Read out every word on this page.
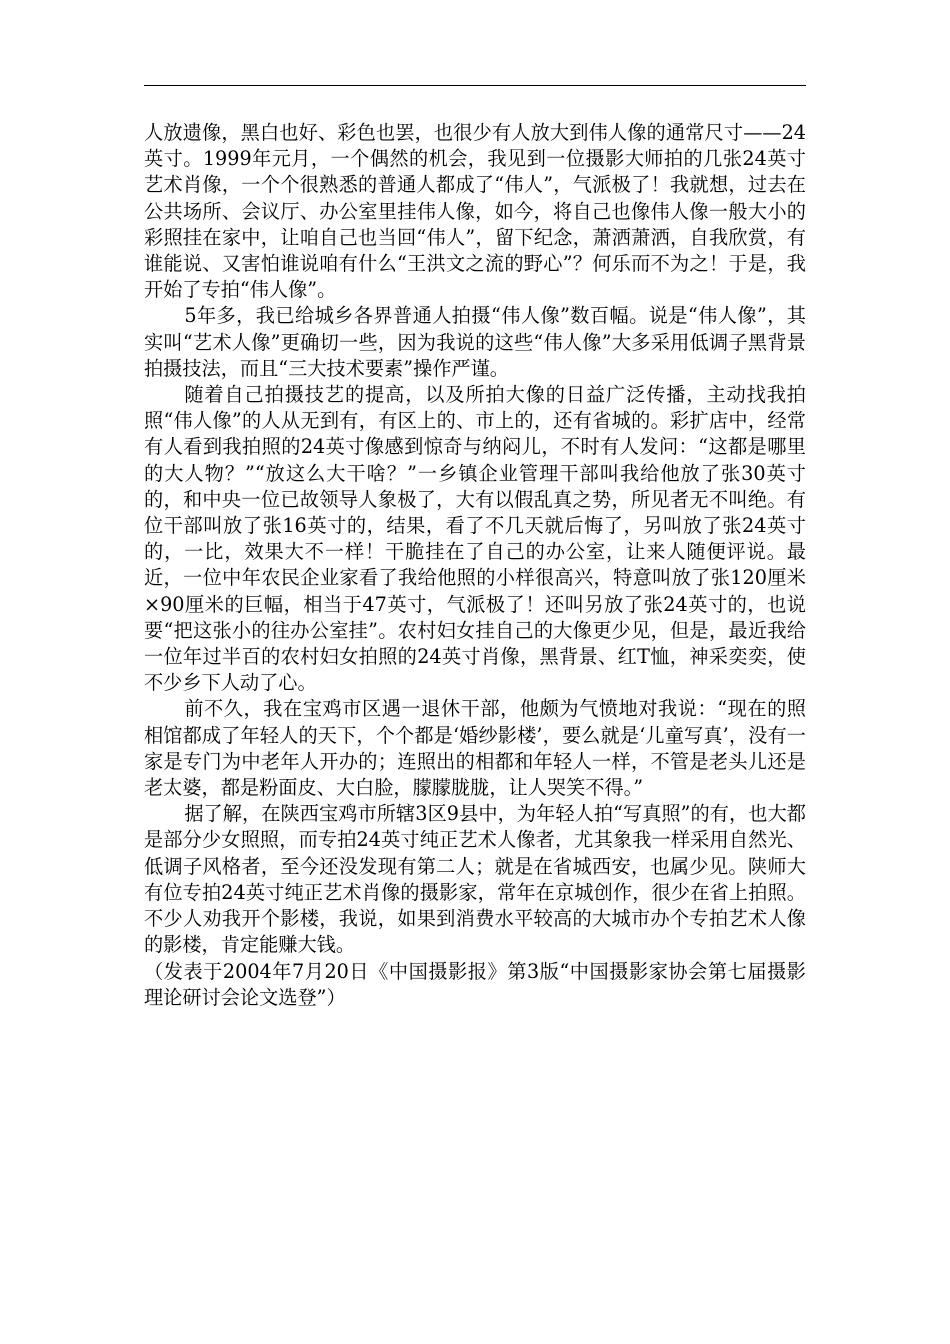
人放遗像，黑白也好、彩色也罢，也很少有人放大到伟人像的通常尺寸——24英寸。1999年元月，一个偶然的机会，我见到一位摄影大师拍的几张24英寸艺术肖像，一个个很熟悉的普通人都成了“伟人”，气派极了！我就想，过去在公共场所、会议厅、办公室里挂伟人像，如今，将自己也像伟人像一般大小的彩照挂在家中，让咱自己也当回“伟人”，留下纪念，萧洒萧洒，自我欣赏，有谁能说、又害怕谁说咱有什么“王洪文之流的野心”？何乐而不为之！于是，我开始了专拍“伟人像”。

5年多，我已给城乡各界普通人拍摄“伟人像”数百幅。说是“伟人像”，其实叫“艺术人像”更确切一些，因为我说的这些“伟人像”大多采用低调子黑背景拍摄技法，而且“三大技术要素”操作严谨。

随着自己拍摄技艺的提高，以及所拍大像的日益广泛传播，主动找我拍照“伟人像”的人从无到有，有区上的、市上的，还有省城的。彩扩店中，经常有人看到我拍照的24英寸像感到惊奇与纳闷儿，不时有人发问：“这都是哪里的大人物？”“放这么大干啥？”一乡镇企业管理干部叫我给他放了张30英寸的，和中央一位已故领导人象极了，大有以假乱真之势，所见者无不叫绝。有位干部叫放了张16英寸的，结果，看了不几天就后悔了，另叫放了张24英寸的，一比，效果大不一样！干脆挂在了自己的办公室，让来人随便评说。最近，一位中年农民企业家看了我给他照的小样很高兴，特意叫放了张120厘米×90厘米的巨幅，相当于47英寸，气派极了！还叫另放了张24英寸的，也说要“把这张小的往办公室挂”。农村妇女挂自己的大像更少见，但是，最近我给一位年过半百的农村妇女拍照的24英寸肖像，黑背景、红T恤，神采奕奕，使不少乡下人动了心。

前不久，我在宝鸡市区遇一退休干部，他颇为气愤地对我说：“现在的照相馆都成了年轻人的天下，个个都是‘婚纱影楼’，要么就是‘儿童写真’，没有一家是专门为中老年人开办的；连照出的相都和年轻人一样，不管是老头儿还是老太婆，都是粉面皮、大白脸，朦朦胧胧，让人哭笑不得。”

据了解，在陕西宝鸡市所辖3区9县中，为年轻人拍“写真照”的有，也大都是部分少女照照，而专拍24英寸纯正艺术人像者，尤其象我一样采用自然光、低调子风格者，至今还没发现有第二人；就是在省城西安，也属少见。陕师大有位专拍24英寸纯正艺术肖像的摄影家，常年在京城创作，很少在省上拍照。不少人劝我开个影楼，我说，如果到消费水平较高的大城市办个专拍艺术人像的影楼，肯定能赚大钱。

（发表于2004年7月20日《中国摄影报》第3版“中国摄影家协会第七届摄影理论研讨会论文选登”）
